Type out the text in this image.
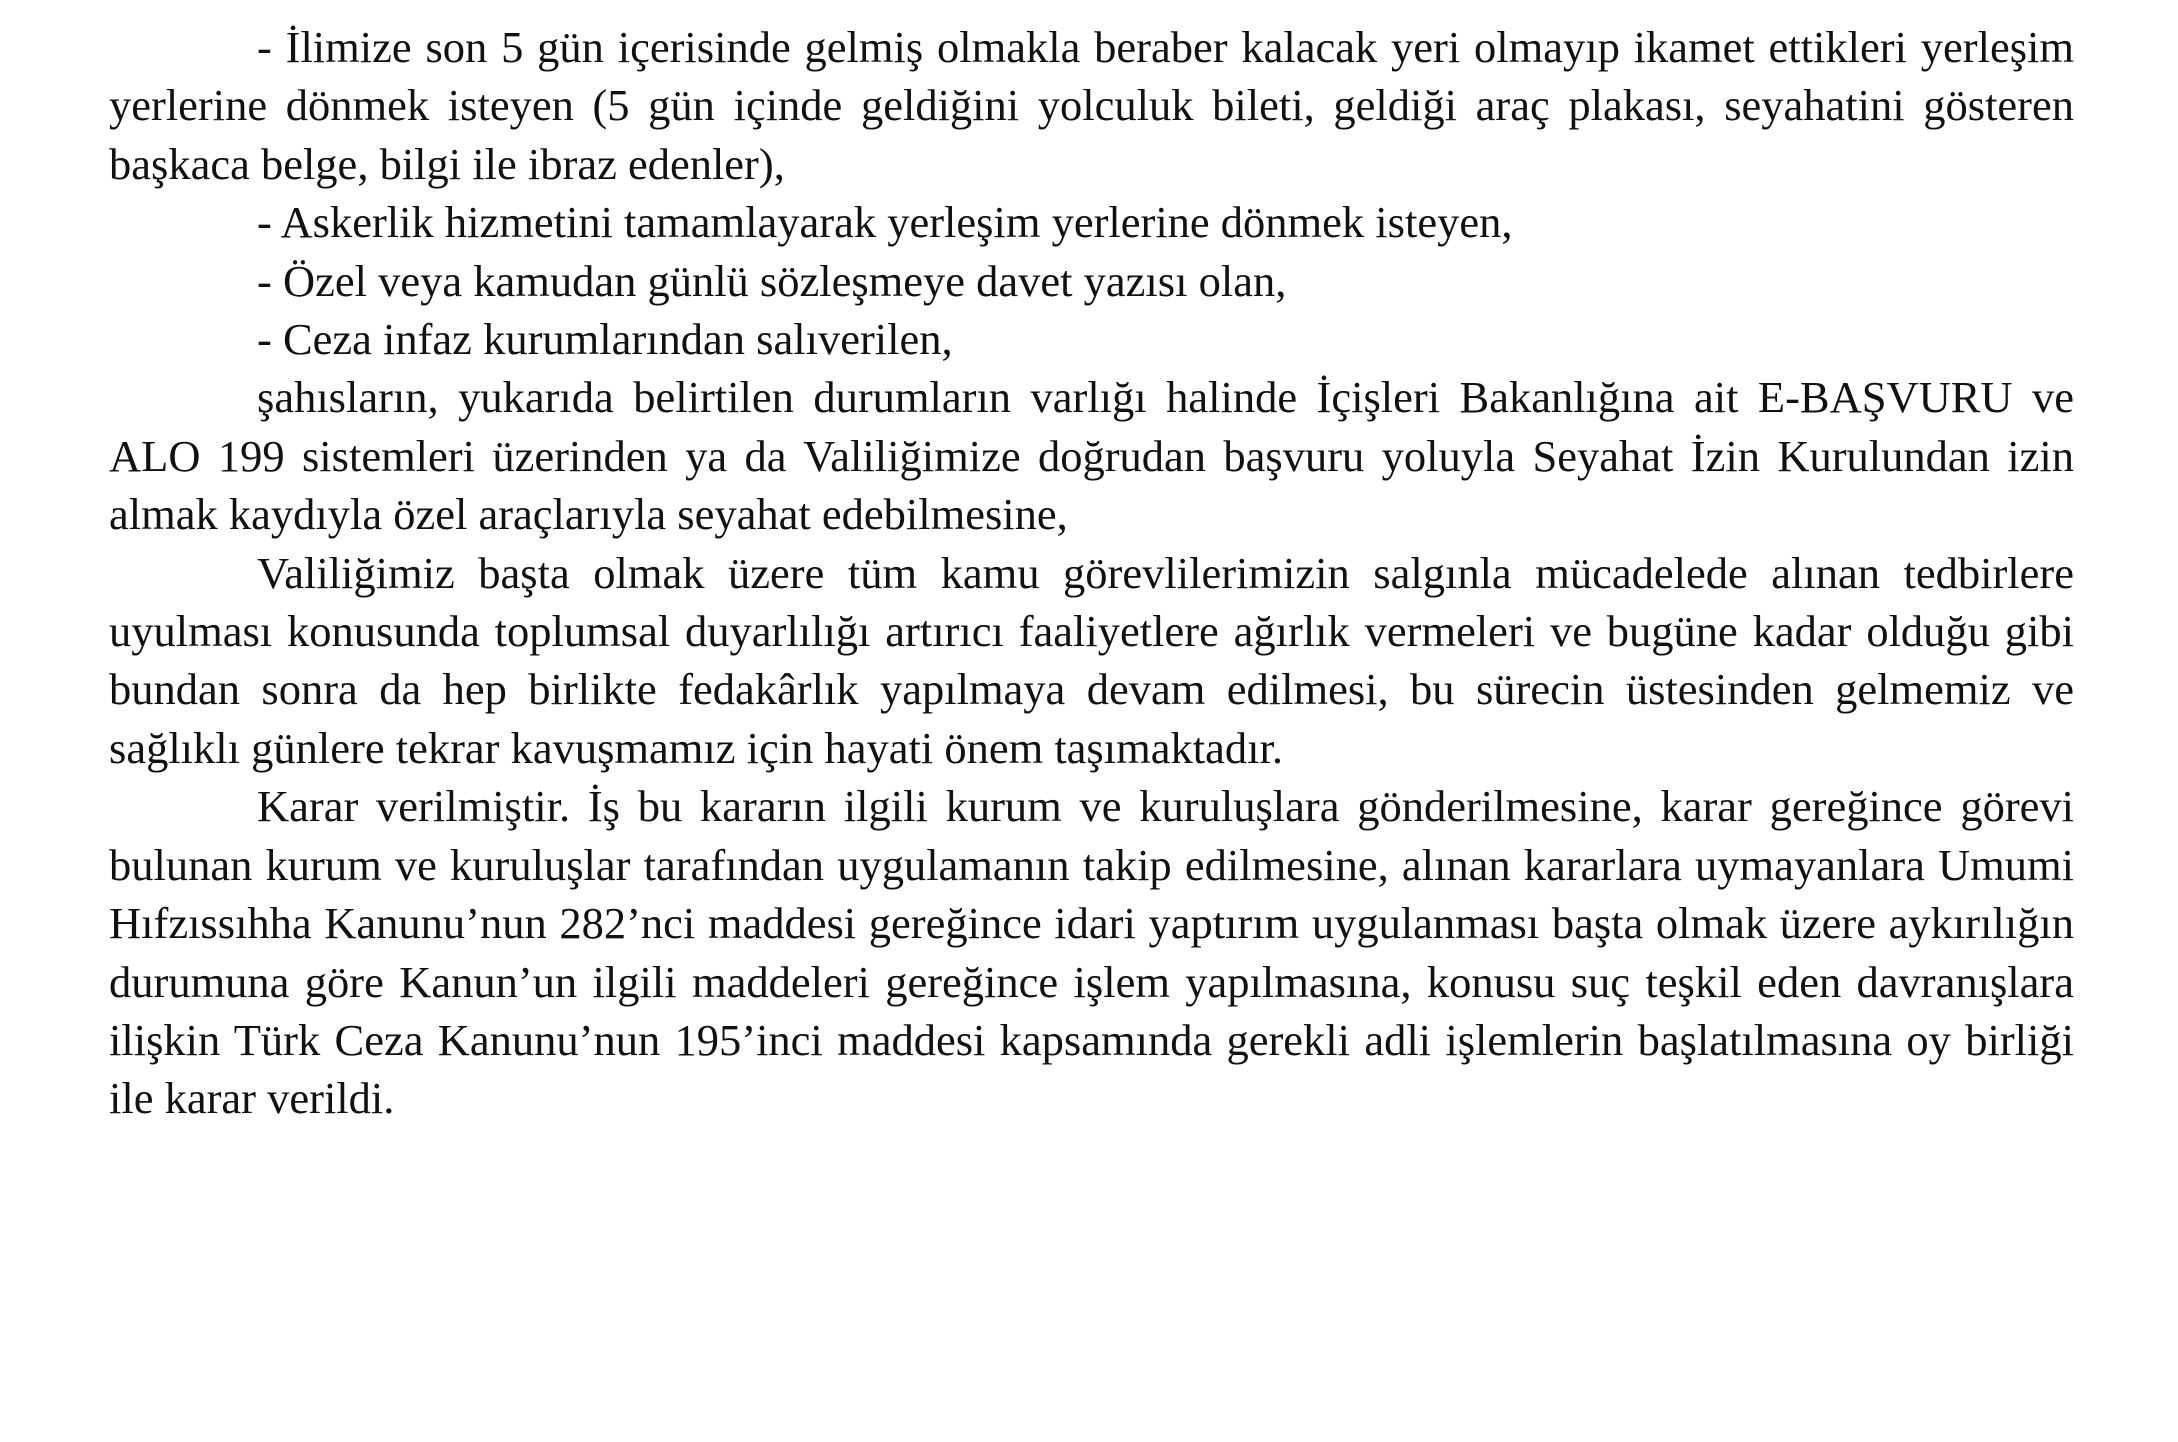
- İlimize son 5 gün içerisinde gelmiş olmakla beraber kalacak yeri olmayıp ikamet ettikleri yerleşim yerlerine dönmek isteyen (5 gün içinde geldiğini yolculuk bileti, geldiği araç plakası, seyahatini gösteren başkaca belge, bilgi ile ibraz edenler),

- Askerlik hizmetini tamamlayarak yerleşim yerlerine dönmek isteyen,

- Özel veya kamudan günlü sözleşmeye davet yazısı olan,

- Ceza infaz kurumlarından salıverilen,

şahısların, yukarıda belirtilen durumların varlığı halinde İçişleri Bakanlığına ait E-BAŞVURU ve ALO 199 sistemleri üzerinden ya da Valiliğimize doğrudan başvuru yoluyla Seyahat İzin Kurulundan izin almak kaydıyla özel araçlarıyla seyahat edebilmesine,

Valiliğimiz başta olmak üzere tüm kamu görevlilerimizin salgınla mücadelede alınan tedbirlere uyulması konusunda toplumsal duyarlılığı artırıcı faaliyetlere ağırlık vermeleri ve bugüne kadar olduğu gibi bundan sonra da hep birlikte fedakârlık yapılmaya devam edilmesi, bu sürecin üstesinden gelmemiz ve sağlıklı günlere tekrar kavuşmamız için hayati önem taşımaktadır.

Karar verilmiştir. İş bu kararın ilgili kurum ve kuruluşlara gönderilmesine, karar gereğince görevi bulunan kurum ve kuruluşlar tarafından uygulamanın takip edilmesine, alınan kararlara uymayanlara Umumi Hıfzıssıhha Kanunu’nun 282’nci maddesi gereğince idari yaptırım uygulanması başta olmak üzere aykırılığın durumuna göre Kanun’un ilgili maddeleri gereğince işlem yapılmasına, konusu suç teşkil eden davranışlara ilişkin Türk Ceza Kanunu’nun 195’inci maddesi kapsamında gerekli adli işlemlerin başlatılmasına oy birliği ile karar verildi.
